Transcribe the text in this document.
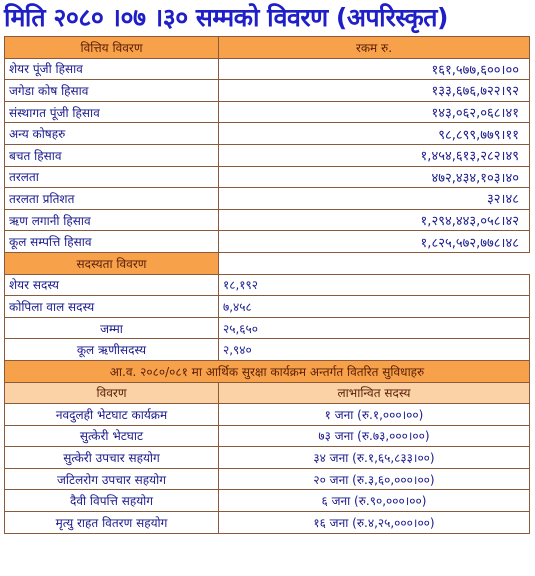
मिति २०८० ।०७ ।३० सम्मको विवरण (अपरिस्कृत)
वित्तिय विवरण	रकम रु.
शेयर पूंजी हिसाव	१६१,५७७,६००।००
जगेडा कोष हिसाव	१३३,६७६,७२२।९२
संस्थागत पूंजी हिसाव	१४३,०६२,०६८।४१
अन्य कोषहरु	९८,८९९,७७९।११
बचत हिसाव	१,४५४,६१३,२८२।४९
तरलता	४७२,४३४,१०३।४०
तरलता प्रतिशत	३२।४८
ऋण लगानी हिसाव	१,२९४,४४३,०५८।४२
कूल सम्पत्ति हिसाव	१,८२५,५७२,७७८।४८
सदस्यता विवरण	
शेयर सदस्य	१८,१९२
कोपिला वाल सदस्य	७,४५८
जम्मा	२५,६५०
कूल ऋणीसदस्य	२,९४०
आ.व. २०८०/०८१ मा आर्थिक सुरक्षा कार्यक्रम अन्तर्गत वितरित सुविधाहरु	
विवरण	लाभान्वित सदस्य
नवदुलही भेटघाट कार्यक्रम	१ जना (रु.१,०००।००)
सुत्केरी भेटघाट	७३ जना (रु.७३,०००।००)
सुत्केरी उपचार सहयोग	३४ जना (रु.१,६५,८३३।००)
जटिलरोग उपचार सहयोग	२० जना (रु.३,६०,०००।००)
दैवी विपत्ति सहयोग	६ जना (रु.९०,०००।००)
मृत्यु राहत वितरण सहयोग	१६ जना (रु.४,२५,०००।००)
